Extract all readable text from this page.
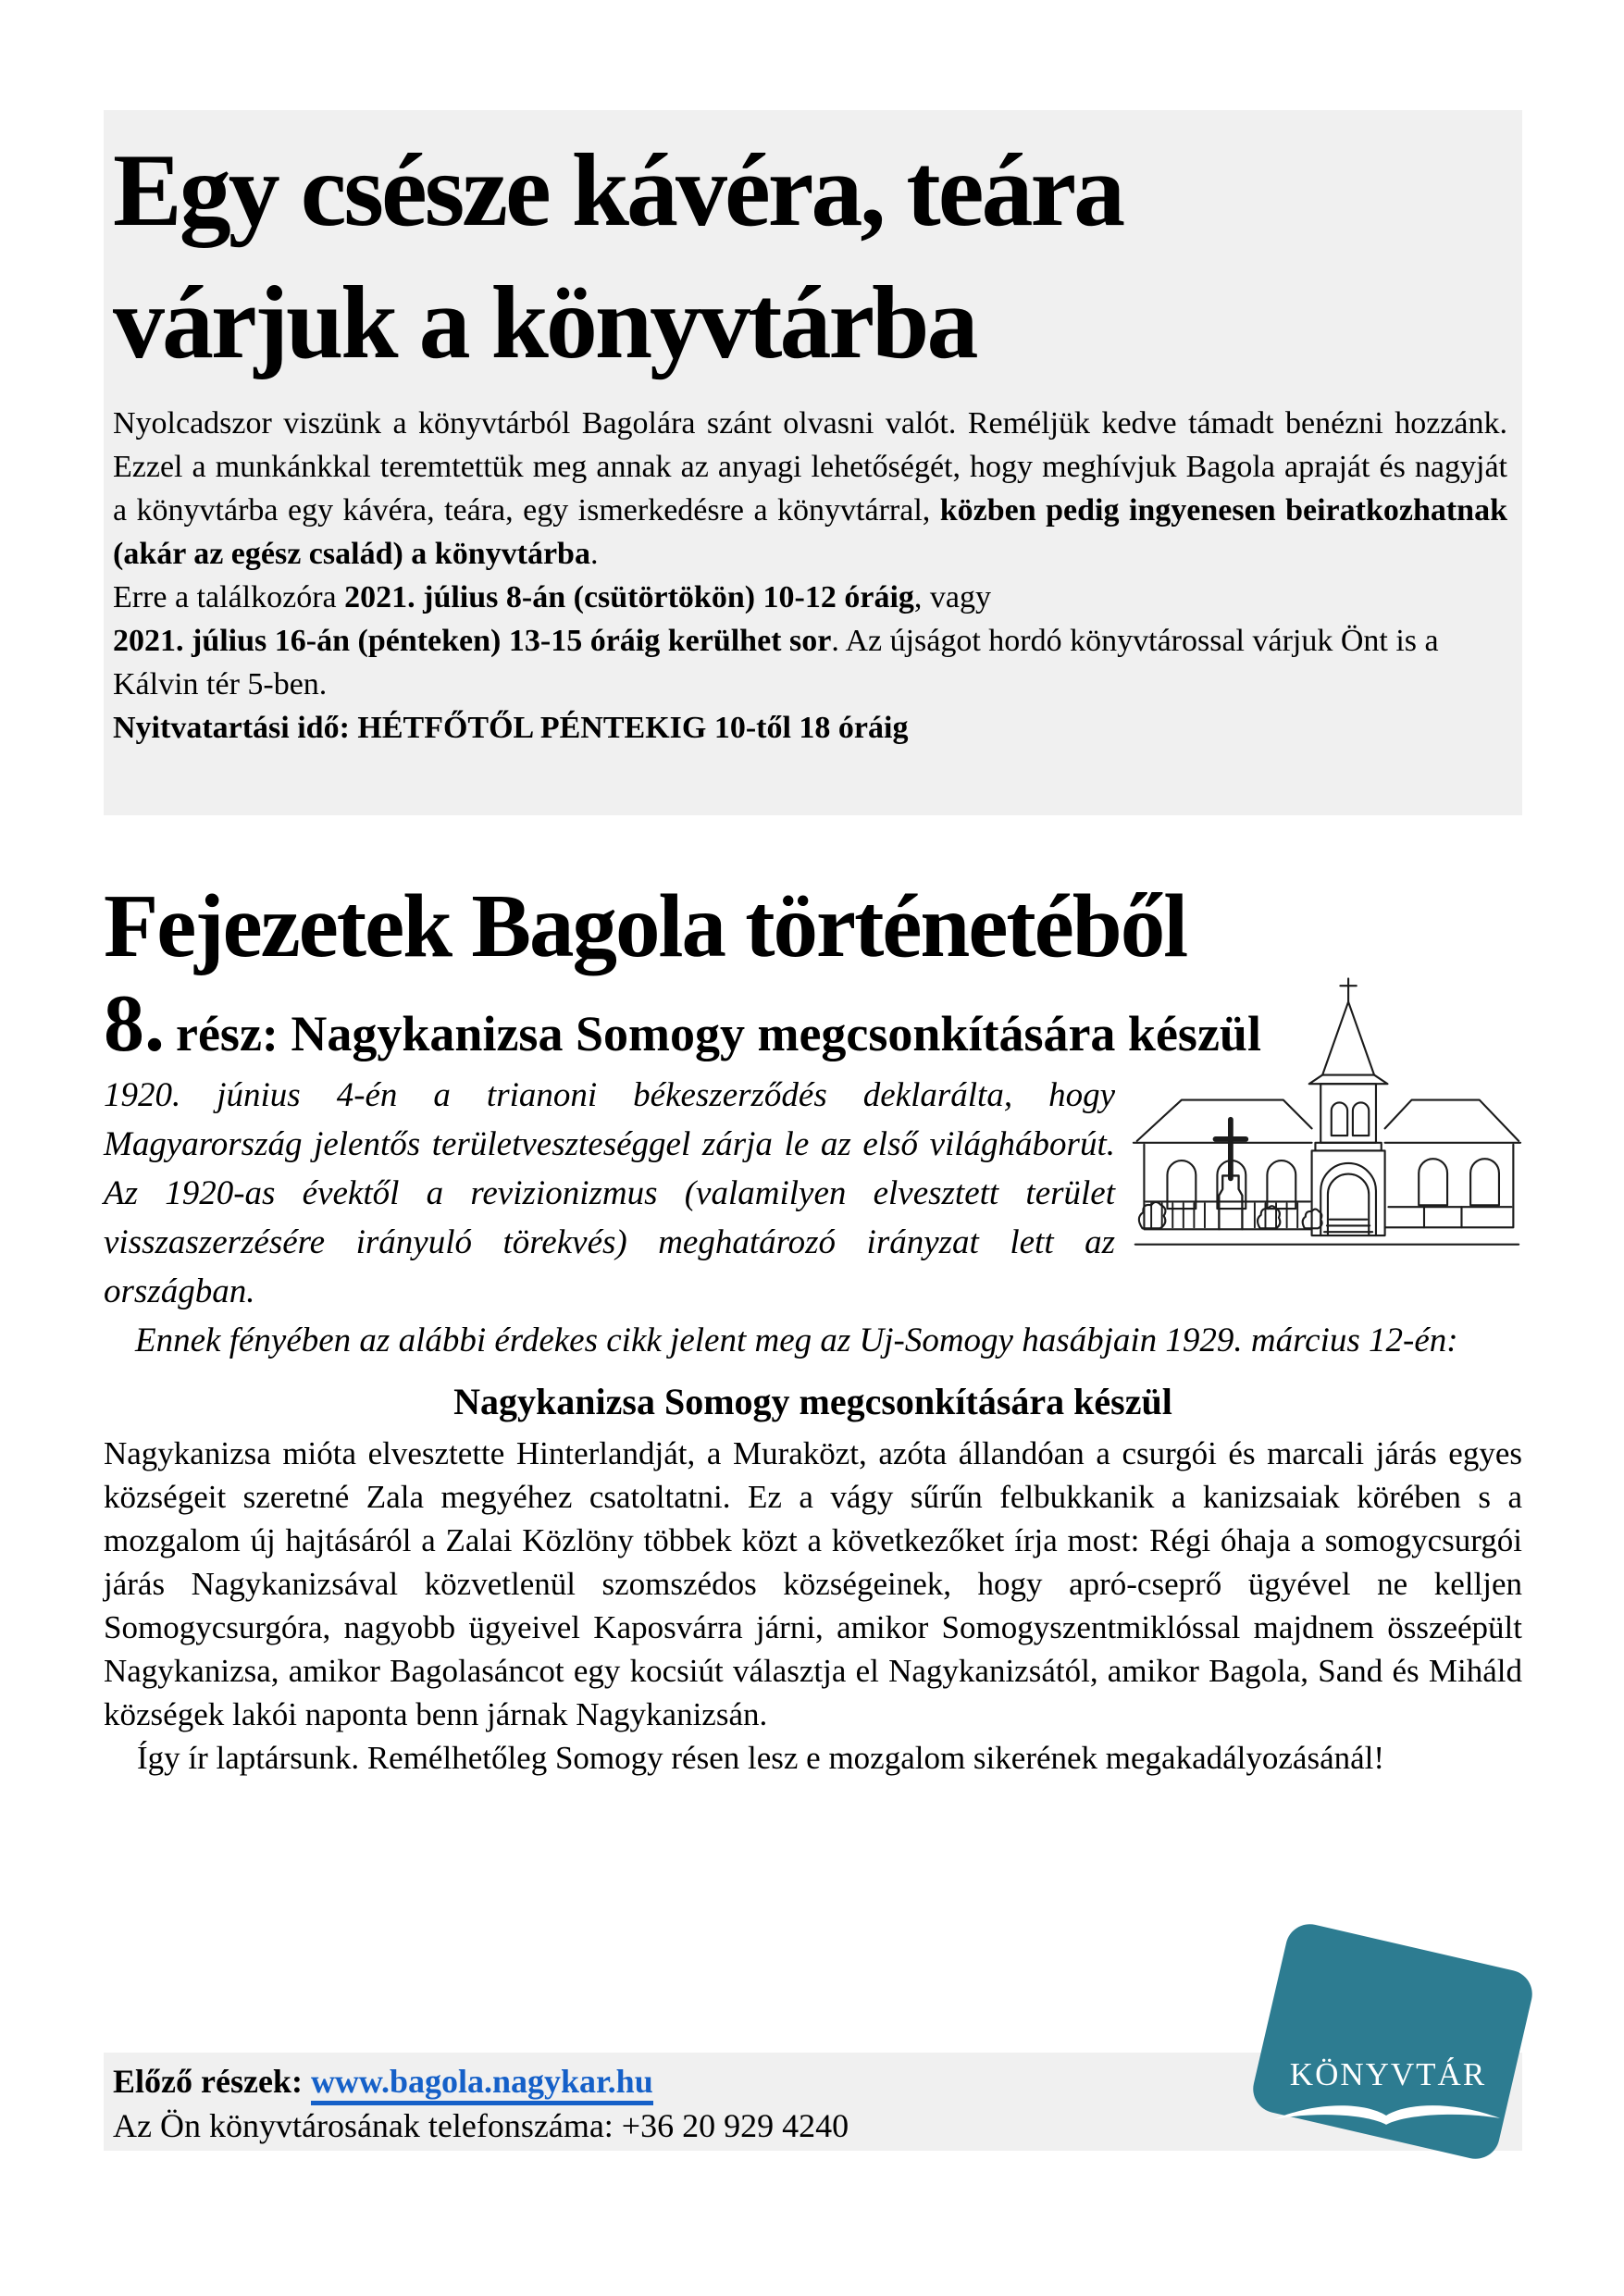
Egy csésze kávéra, teára
várjuk a könyvtárba

Nyolcadszor viszünk a könyvtárból Bagolára szánt olvasni valót. Reméljük kedve támadt benézni hozzánk. Ezzel a munkánkkal teremtettük meg annak az anyagi lehetőségét, hogy meghívjuk Bagola apraját és nagyját a könyvtárba egy kávéra, teára, egy ismerkedésre a könyvtárral, közben pedig ingyenesen beiratkozhatnak (akár az egész család) a könyvtárba.

Erre a találkozóra 2021. július 8-án (csütörtökön) 10-12 óráig, vagy
2021. július 16-án (pénteken) 13-15 óráig kerülhet sor. Az újságot hordó könyvtárossal várjuk Önt is a Kálvin tér 5-ben.

Nyitvatartási idő: HÉTFŐTŐL PÉNTEKIG 10-től 18 óráig

Fejezetek Bagola történetéből

8. rész: Nagykanizsa Somogy megcsonkítására készül

1920. június 4-én a trianoni békeszerződés deklarálta, hogy Magyarország jelentős területveszteséggel zárja le az első világháborút. Az 1920-as évektől a revizionizmus (valamilyen elvesztett terület visszaszerzésére irányuló törekvés) meghatározó irányzat lett az országban.

Ennek fényében az alábbi érdekes cikk jelent meg az Uj-Somogy hasábjain 1929. március 12-én:

Nagykanizsa Somogy megcsonkítására készül

Nagykanizsa mióta elvesztette Hinterlandját, a Muraközt, azóta állandóan a csurgói és marcali járás egyes községeit szeretné Zala megyéhez csatoltatni. Ez a vágy sűrűn felbukkanik a kanizsaiak körében s a mozgalom új hajtásáról a Zalai Közlöny többek közt a következőket írja most: Régi óhaja a somogycsurgói járás Nagykanizsával közvetlenül szomszédos községeinek, hogy apró-cseprő ügyével ne kelljen Somogycsurgóra, nagyobb ügyeivel Kaposvárra járni, amikor Somogyszentmiklóssal majdnem összeépült Nagykanizsa, amikor Bagolasáncot egy kocsiút választja el Nagykanizsától, amikor Bagola, Sand és Miháld községek lakói naponta benn járnak Nagykanizsán.

Így ír laptársunk. Remélhetőleg Somogy résen lesz e mozgalom sikerének megakadályozásánál!

Előző részek: www.bagola.nagykar.hu

Az Ön könyvtárosának telefonszáma: +36 20 929 4240

KÖNYVTÁR
